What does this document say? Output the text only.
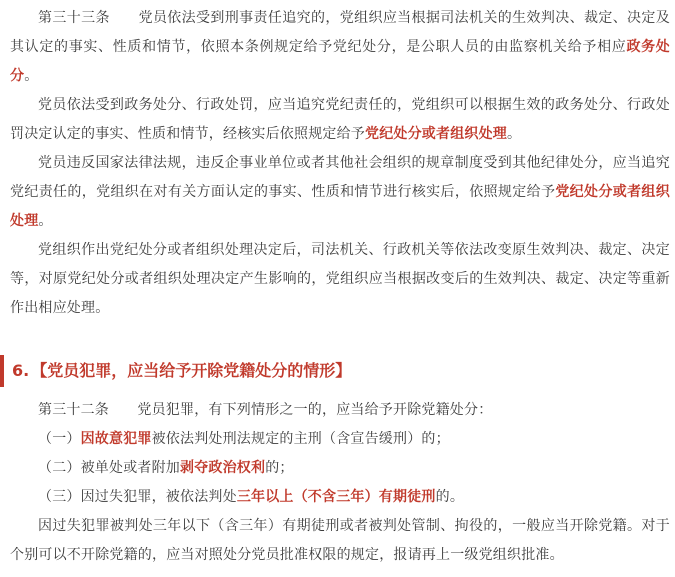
第三十三条　　 党员依法受到刑事责任追究的，党组织应当根据司法机关的生效判决、裁定、决定及其认定的事实、性质和情节，依照本条例规定给予党纪处分，是公职人员的由监察机关给予相应政务处分。

党员依法受到政务处分、行政处罚，应当追究党纪责任的，党组织可以根据生效的政务处分、行政处罚决定认定的事实、性质和情节，经核实后依照规定给予党纪处分或者组织处理。

党员违反国家法律法规，违反企事业单位或者其他社会组织的规章制度受到其他纪律处分，应当追究党纪责任的，党组织在对有关方面认定的事实、性质和情节进行核实后，依照规定给予党纪处分或者组织处理。

党组织作出党纪处分或者组织处理决定后，司法机关、行政机关等依法改变原生效判决、裁定、决定等，对原党纪处分或者组织处理决定产生影响的，党组织应当根据改变后的生效判决、裁定、决定等重新作出相应处理。

6. 【党员犯罪，应当给予开除党籍处分的情形】

第三十二条　　 党员犯罪，有下列情形之一的，应当给予开除党籍处分：

（一）因故意犯罪被依法判处刑法规定的主刑（含宣告缓刑）的；

（二）被单处或者附加剥夺政治权利的；

（三）因过失犯罪，被依法判处三年以上（不含三年）有期徒刑的。

因过失犯罪被判处三年以下（含三年）有期徒刑或者被判处管制、拘役的，一般应当开除党籍。对于个别可以不开除党籍的，应当对照处分党员批准权限的规定，报请再上一级党组织批准。
